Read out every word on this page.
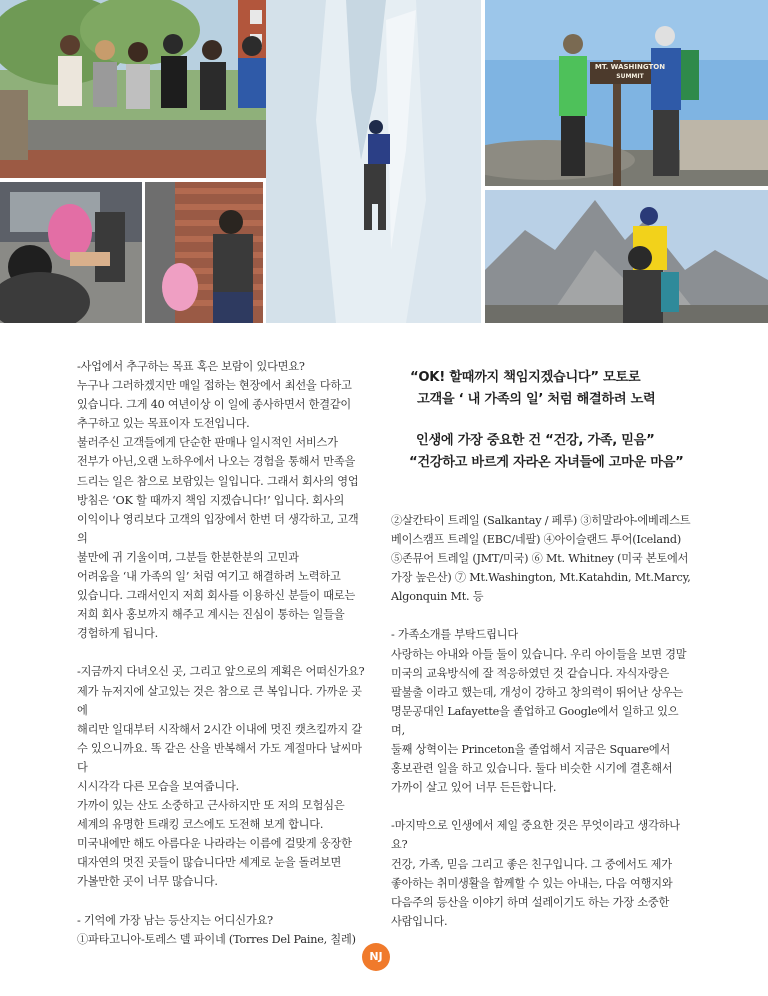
MT. WASHINGTON
SUMMIT
“OK! 할때까지 책임지겠습니다” 모토로
고객을 ‘ 내 가족의 일’ 처럼 해결하려 노력
인생에 가장 중요한 건 “건강, 가족, 믿음”
“건강하고 바르게 자라온 자녀들에 고마운 마음”

-사업에서 추구하는 목표 혹은 보람이 있다면요?

누구나 그러하겠지만 매일 접하는 현장에서 최선을 다하고

있습니다. 그게 40 여년이상 이 일에 종사하면서 한결같이

추구하고 있는 목표이자 도전입니다.

불러주신 고객들에게 단순한 판매나 일시적인 서비스가

전부가 아닌,오랜 노하우에서 나오는 경험을 통해서 만족을

드리는 일은 참으로 보람있는 일입니다. 그래서 회사의 영업

방침은 ‘OK 할 때까지 책임 지겠습니다!’ 입니다. 회사의

이익이나 영리보다 고객의 입장에서 한번 더 생각하고, 고객의

불만에 귀 기울이며, 그분들 한분한분의 고민과

어려움을 ‘내 가족의 일’ 처럼 여기고 해결하려 노력하고

있습니다. 그래서인지 저희 회사를 이용하신 분들이 때로는

저희 회사 홍보까지 해주고 계시는 진심이 통하는 일들을

경험하게 됩니다.

-지금까지 다녀오신 곳, 그리고 앞으로의 계획은 어떠신가요?

제가 뉴저지에 살고있는 것은 참으로 큰 복입니다. 가까운 곳에

해리만 일대부터 시작해서 2시간 이내에 멋진 캣츠킬까지 갈

수 있으니까요. 똑 같은 산을 반복해서 가도 계절마다 날씨마다

시시각각 다른 모습을 보여줍니다.

가까이 있는 산도 소중하고 근사하지만 또 저의 모험심은

세계의 유명한 트래킹 코스에도 도전해 보게 합니다.

미국내에만 해도 아름다운 나라라는 이름에 걸맞게 웅장한

대자연의 멋진 곳들이 많습니다만 세계로 눈을 돌려보면

가볼만한 곳이 너무 많습니다.

- 기억에 가장 남는 등산지는 어디신가요?

①파타고니아-토레스 델 파이네 (Torres Del Paine, 칠레)

②살칸타이 트레일 (Salkantay / 페루) ③히말라야-에베레스트

베이스캠프 트레일 (EBC/네팔) ④아이슬랜드 투어(Iceland)

⑤존뮤어 트레일 (JMT/미국) ⑥ Mt. Whitney (미국 본토에서

가장 높은산) ⑦ Mt.Washington, Mt.Katahdin, Mt.Marcy,

Algonquin Mt. 등

- 가족소개를 부탁드립니다

사랑하는 아내와 아들 둘이 있습니다. 우리 아이들을 보면 경말

미국의 교육방식에 잘 적응하였던 것 같습니다. 자식자랑은

팔불출 이라고 했는데, 개성이 강하고 창의력이 뛰어난 상우는

명문공대인 Lafayette을 졸업하고 Google에서 일하고 있으며,

둘째 상혁이는 Princeton을 졸업해서 지금은 Square에서

홍보관련 일을 하고 있습니다. 둘다 비슷한 시기에 결혼해서

가까이 살고 있어 너무 든든합니다.

-마지막으로 인생에서 제일 중요한 것은 무엇이라고 생각하나요?

건강, 가족, 믿음 그리고 좋은 친구입니다. 그 중에서도 제가

좋아하는 취미생활을 함께할 수 있는 아내는, 다음 여행지와

다음주의 등산을 이야기 하며 설레이기도 하는 가장 소중한

사람입니다.

NJ
